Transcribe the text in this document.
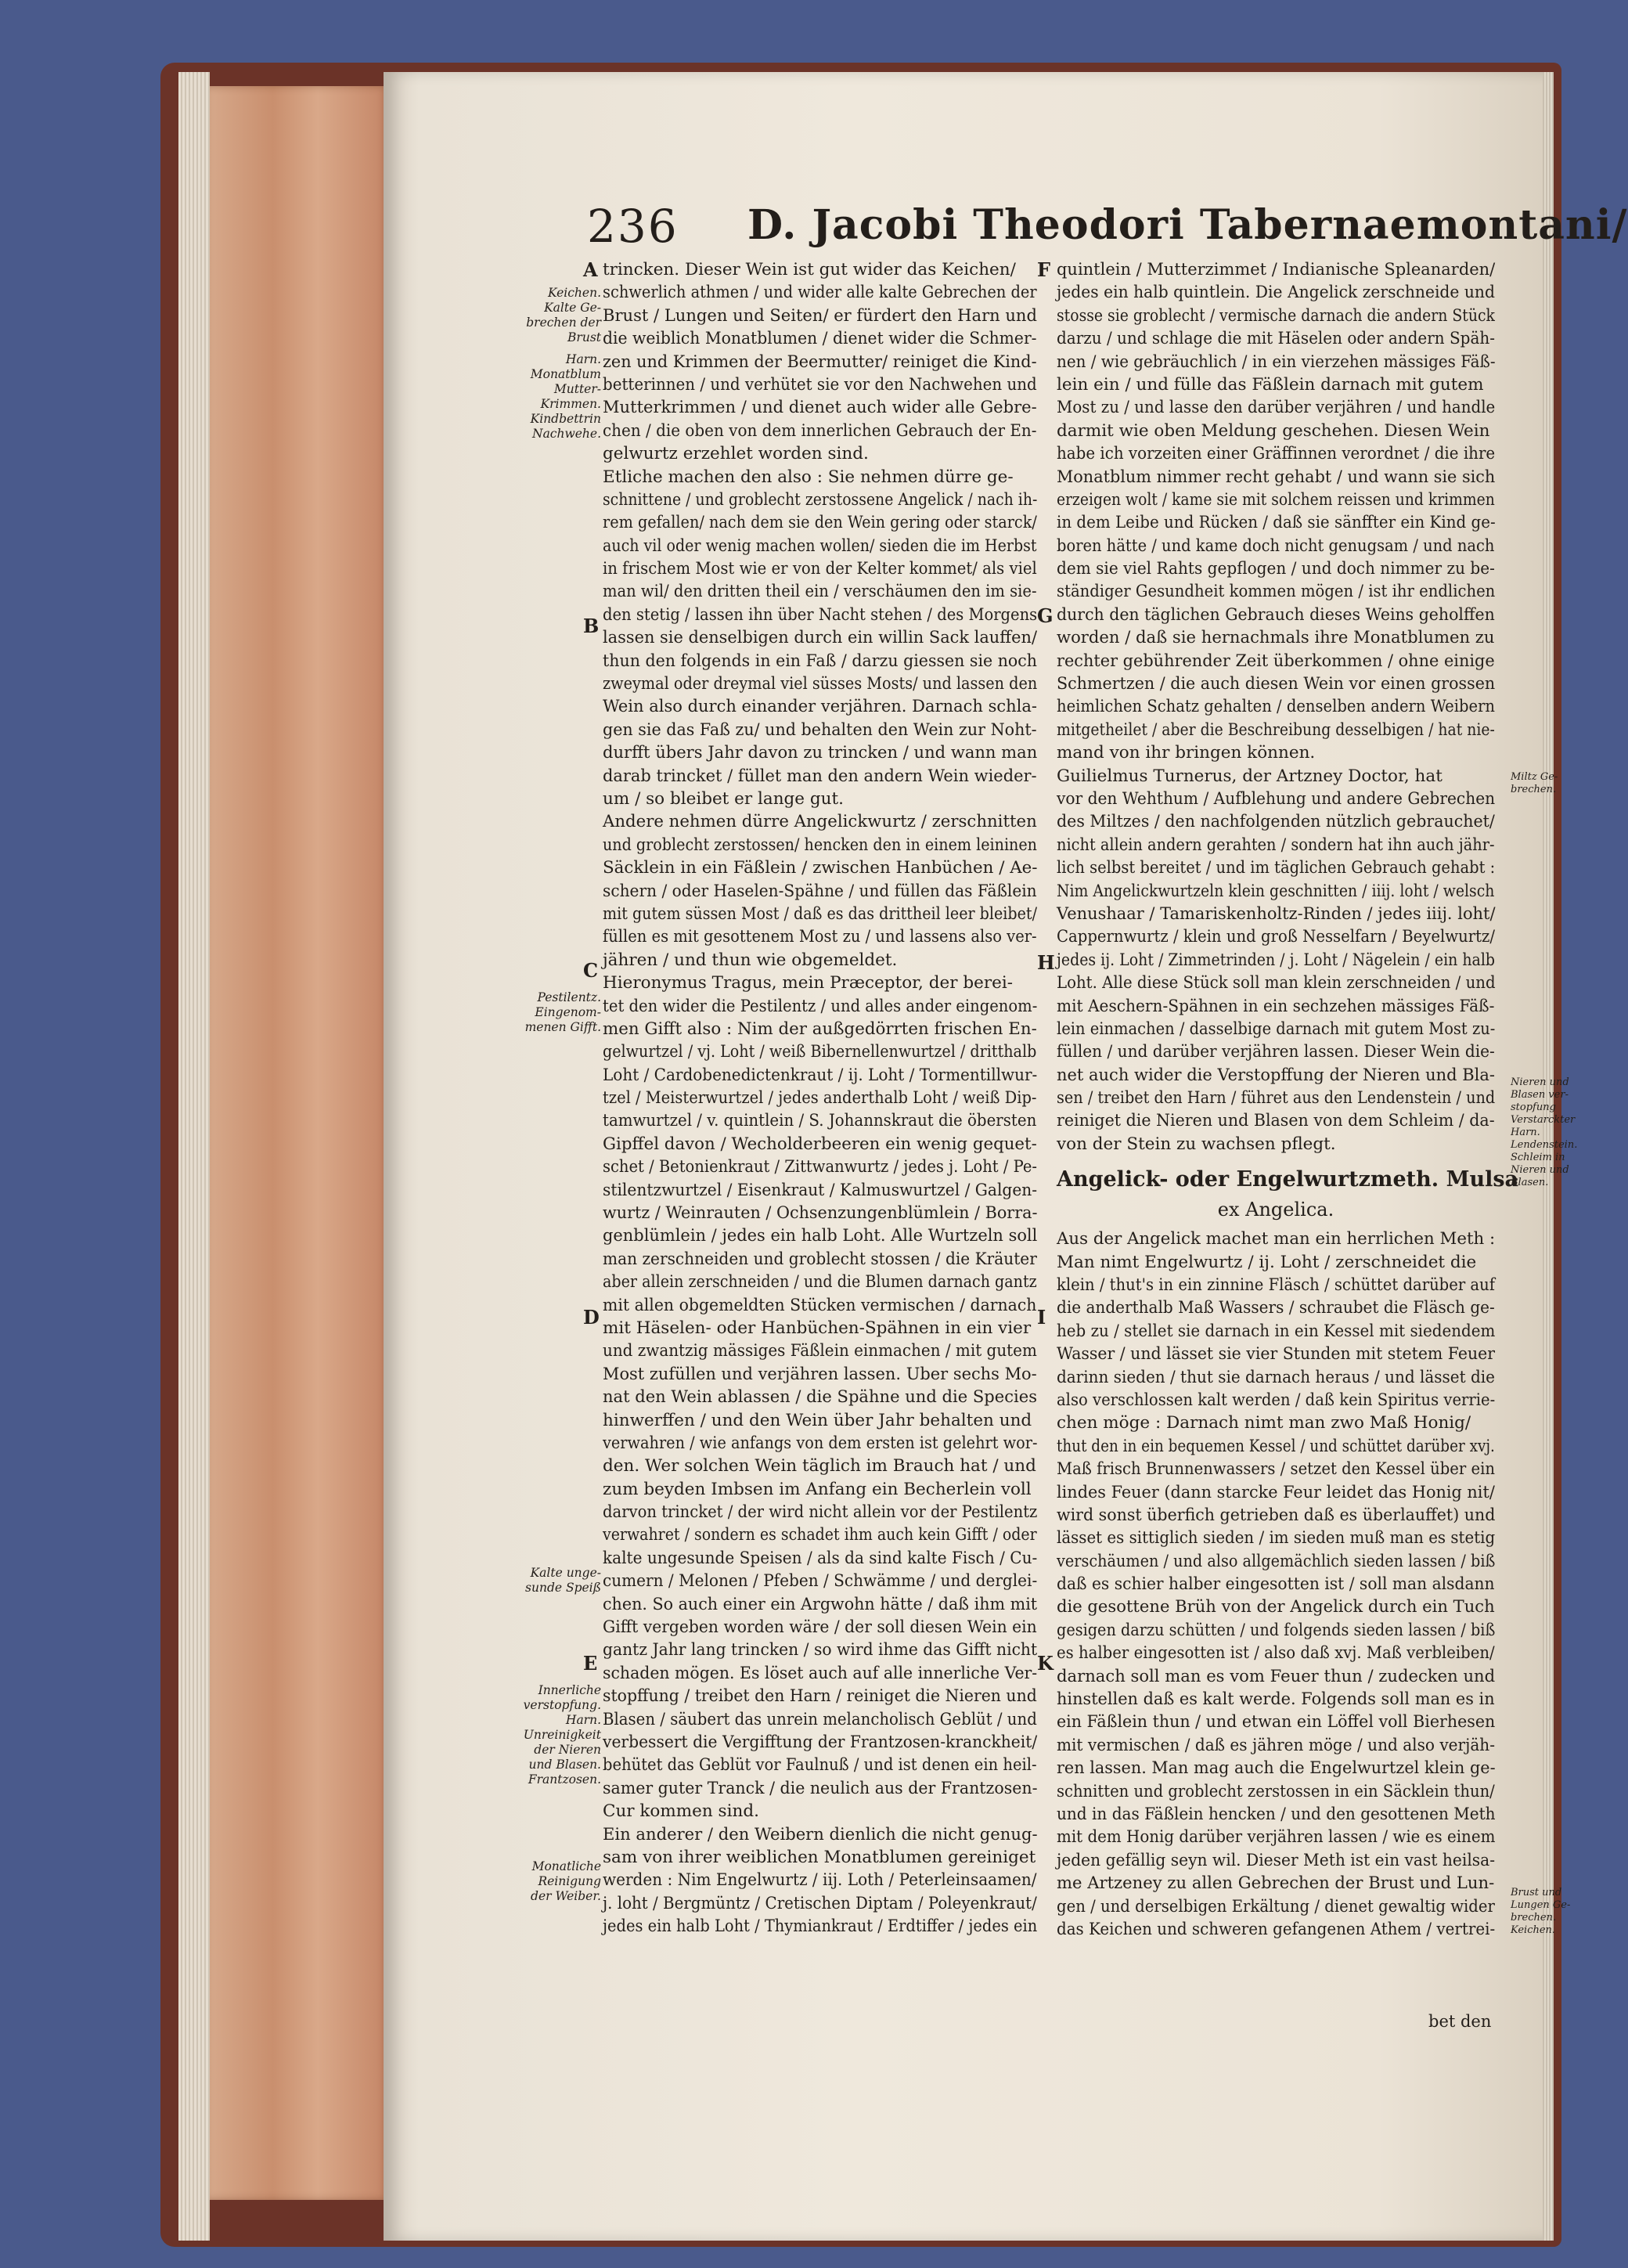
236 D. Jacobi Theodori Tabernaemontani/
A
B
C
D
E
F
G
H
I
K
trincken. Dieser Wein ist gut wider das Keichen/
schwerlich athmen / und wider alle kalte Gebrechen der
Brust / Lungen und Seiten/ er fürdert den Harn und
die weiblich Monatblumen / dienet wider die Schmer-
zen und Krimmen der Beermutter/ reiniget die Kind-
betterinnen / und verhütet sie vor den Nachwehen und
Mutterkrimmen / und dienet auch wider alle Gebre-
chen / die oben von dem innerlichen Gebrauch der En-
gelwurtz erzehlet worden sind.
Etliche machen den also : Sie nehmen dürre ge-
schnittene / und groblecht zerstossene Angelick / nach ih-
rem gefallen/ nach dem sie den Wein gering oder starck/
auch vil oder wenig machen wollen/ sieden die im Herbst
in frischem Most wie er von der Kelter kommet/ als viel
man wil/ den dritten theil ein / verschäumen den im sie-
den stetig / lassen ihn über Nacht stehen / des Morgens
lassen sie denselbigen durch ein willin Sack lauffen/
thun den folgends in ein Faß / darzu giessen sie noch
zweymal oder dreymal viel süsses Mosts/ und lassen den
Wein also durch einander verjähren. Darnach schla-
gen sie das Faß zu/ und behalten den Wein zur Noht-
durfft übers Jahr davon zu trincken / und wann man
darab trincket / füllet man den andern Wein wieder-
um / so bleibet er lange gut.
Andere nehmen dürre Angelickwurtz / zerschnitten
und groblecht zerstossen/ hencken den in einem leininen
Säcklein in ein Fäßlein / zwischen Hanbüchen / Ae-
schern / oder Haselen-Spähne / und füllen das Fäßlein
mit gutem süssen Most / daß es das drittheil leer bleibet/
füllen es mit gesottenem Most zu / und lassens also ver-
jähren / und thun wie obgemeldet.
Hieronymus Tragus, mein Præceptor, der berei-
tet den wider die Pestilentz / und alles ander eingenom-
men Gifft also : Nim der außgedörrten frischen En-
gelwurtzel / vj. Loht / weiß Bibernellenwurtzel / dritthalb
Loht / Cardobenedictenkraut / ij. Loht / Tormentillwur-
tzel / Meisterwurtzel / jedes anderthalb Loht / weiß Dip-
tamwurtzel / v. quintlein / S. Johannskraut die öbersten
Gipffel davon / Wecholderbeeren ein wenig gequet-
schet / Betonienkraut / Zittwanwurtz / jedes j. Loht / Pe-
stilentzwurtzel / Eisenkraut / Kalmuswurtzel / Galgen-
wurtz / Weinrauten / Ochsenzungenblümlein / Borra-
genblümlein / jedes ein halb Loht. Alle Wurtzeln soll
man zerschneiden und groblecht stossen / die Kräuter
aber allein zerschneiden / und die Blumen darnach gantz
mit allen obgemeldten Stücken vermischen / darnach
mit Häselen- oder Hanbüchen-Spähnen in ein vier
und zwantzig mässiges Fäßlein einmachen / mit gutem
Most zufüllen und verjähren lassen. Uber sechs Mo-
nat den Wein ablassen / die Spähne und die Species
hinwerffen / und den Wein über Jahr behalten und
verwahren / wie anfangs von dem ersten ist gelehrt wor-
den. Wer solchen Wein täglich im Brauch hat / und
zum beyden Imbsen im Anfang ein Becherlein voll
darvon trincket / der wird nicht allein vor der Pestilentz
verwahret / sondern es schadet ihm auch kein Gifft / oder
kalte ungesunde Speisen / als da sind kalte Fisch / Cu-
cumern / Melonen / Pfeben / Schwämme / und derglei-
chen. So auch einer ein Argwohn hätte / daß ihm mit
Gifft vergeben worden wäre / der soll diesen Wein ein
gantz Jahr lang trincken / so wird ihme das Gifft nicht
schaden mögen. Es löset auch auf alle innerliche Ver-
stopffung / treibet den Harn / reiniget die Nieren und
Blasen / säubert das unrein melancholisch Geblüt / und
verbessert die Vergifftung der Frantzosen-kranckheit/
behütet das Geblüt vor Faulnuß / und ist denen ein heil-
samer guter Tranck / die neulich aus der Frantzosen-
Cur kommen sind.
Ein anderer / den Weibern dienlich die nicht genug-
sam von ihrer weiblichen Monatblumen gereiniget
werden : Nim Engelwurtz / iij. Loth / Peterleinsaamen/
j. loht / Bergmüntz / Cretischen Diptam / Poleyenkraut/
jedes ein halb Loht / Thymiankraut / Erdtiffer / jedes ein
quintlein / Mutterzimmet / Indianische Spleanarden/
jedes ein halb quintlein. Die Angelick zerschneide und
stosse sie groblecht / vermische darnach die andern Stück
darzu / und schlage die mit Häselen oder andern Späh-
nen / wie gebräuchlich / in ein vierzehen mässiges Fäß-
lein ein / und fülle das Fäßlein darnach mit gutem
Most zu / und lasse den darüber verjähren / und handle
darmit wie oben Meldung geschehen. Diesen Wein
habe ich vorzeiten einer Gräffinnen verordnet / die ihre
Monatblum nimmer recht gehabt / und wann sie sich
erzeigen wolt / kame sie mit solchem reissen und krimmen
in dem Leibe und Rücken / daß sie sänffter ein Kind ge-
boren hätte / und kame doch nicht genugsam / und nach
dem sie viel Rahts gepflogen / und doch nimmer zu be-
ständiger Gesundheit kommen mögen / ist ihr endlichen
durch den täglichen Gebrauch dieses Weins geholffen
worden / daß sie hernachmals ihre Monatblumen zu
rechter gebührender Zeit überkommen / ohne einige
Schmertzen / die auch diesen Wein vor einen grossen
heimlichen Schatz gehalten / denselben andern Weibern
mitgetheilet / aber die Beschreibung desselbigen / hat nie-
mand von ihr bringen können.
Guilielmus Turnerus, der Artzney Doctor, hat
vor den Wehthum / Aufblehung und andere Gebrechen
des Miltzes / den nachfolgenden nützlich gebrauchet/
nicht allein andern gerahten / sondern hat ihn auch jähr-
lich selbst bereitet / und im täglichen Gebrauch gehabt :
Nim Angelickwurtzeln klein geschnitten / iiij. loht / welsch
Venushaar / Tamariskenholtz-Rinden / jedes iiij. loht/
Cappernwurtz / klein und groß Nesselfarn / Beyelwurtz/
jedes ij. Loht / Zimmetrinden / j. Loht / Nägelein / ein halb
Loht. Alle diese Stück soll man klein zerschneiden / und
mit Aeschern-Spähnen in ein sechzehen mässiges Fäß-
lein einmachen / dasselbige darnach mit gutem Most zu-
füllen / und darüber verjähren lassen. Dieser Wein die-
net auch wider die Verstopffung der Nieren und Bla-
sen / treibet den Harn / führet aus den Lendenstein / und
reiniget die Nieren und Blasen von dem Schleim / da-
von der Stein zu wachsen pflegt.
Angelick- oder Engelwurtzmeth. Mulsa
ex Angelica.
Aus der Angelick machet man ein herrlichen Meth :
Man nimt Engelwurtz / ij. Loht / zerschneidet die
klein / thut's in ein zinnine Fläsch / schüttet darüber auf
die anderthalb Maß Wassers / schraubet die Fläsch ge-
heb zu / stellet sie darnach in ein Kessel mit siedendem
Wasser / und lässet sie vier Stunden mit stetem Feuer
darinn sieden / thut sie darnach heraus / und lässet die
also verschlossen kalt werden / daß kein Spiritus verrie-
chen möge : Darnach nimt man zwo Maß Honig/
thut den in ein bequemen Kessel / und schüttet darüber xvj.
Maß frisch Brunnenwassers / setzet den Kessel über ein
lindes Feuer (dann starcke Feur leidet das Honig nit/
wird sonst überfich getrieben daß es überlauffet) und
lässet es sittiglich sieden / im sieden muß man es stetig
verschäumen / und also allgemächlich sieden lassen / biß
daß es schier halber eingesotten ist / soll man alsdann
die gesottene Brüh von der Angelick durch ein Tuch
gesigen darzu schütten / und folgends sieden lassen / biß
es halber eingesotten ist / also daß xvj. Maß verbleiben/
darnach soll man es vom Feuer thun / zudecken und
hinstellen daß es kalt werde. Folgends soll man es in
ein Fäßlein thun / und etwan ein Löffel voll Bierhesen
mit vermischen / daß es jähren möge / und also verjäh-
ren lassen. Man mag auch die Engelwurtzel klein ge-
schnitten und groblecht zerstossen in ein Säcklein thun/
und in das Fäßlein hencken / und den gesottenen Meth
mit dem Honig darüber verjähren lassen / wie es einem
jeden gefällig seyn wil. Dieser Meth ist ein vast heilsa-
me Artzeney zu allen Gebrechen der Brust und Lun-
gen / und derselbigen Erkältung / dienet gewaltig wider
das Keichen und schweren gefangenen Athem / vertrei-
Keichen.
Kalte Ge-
brechen der
Brust
Harn.
Monatblum
Mutter-
Krimmen.
Kindbettrin
Nachwehe.
Pestilentz.
Eingenom-
menen Gifft.
Kalte unge-
sunde Speiß
Innerliche
verstopfung.
Harn.
Unreinigkeit
der Nieren
und Blasen.
Frantzosen.
Monatliche
Reinigung
der Weiber.
Miltz Ge-
brechen.
Nieren und
Blasen ver-
stopfung
Verstarckter
Harn.
Lendenstein.
Schleim in
Nieren und
Blasen.
Brust und
Lungen Ge-
brechen.
Keichen.
bet den
